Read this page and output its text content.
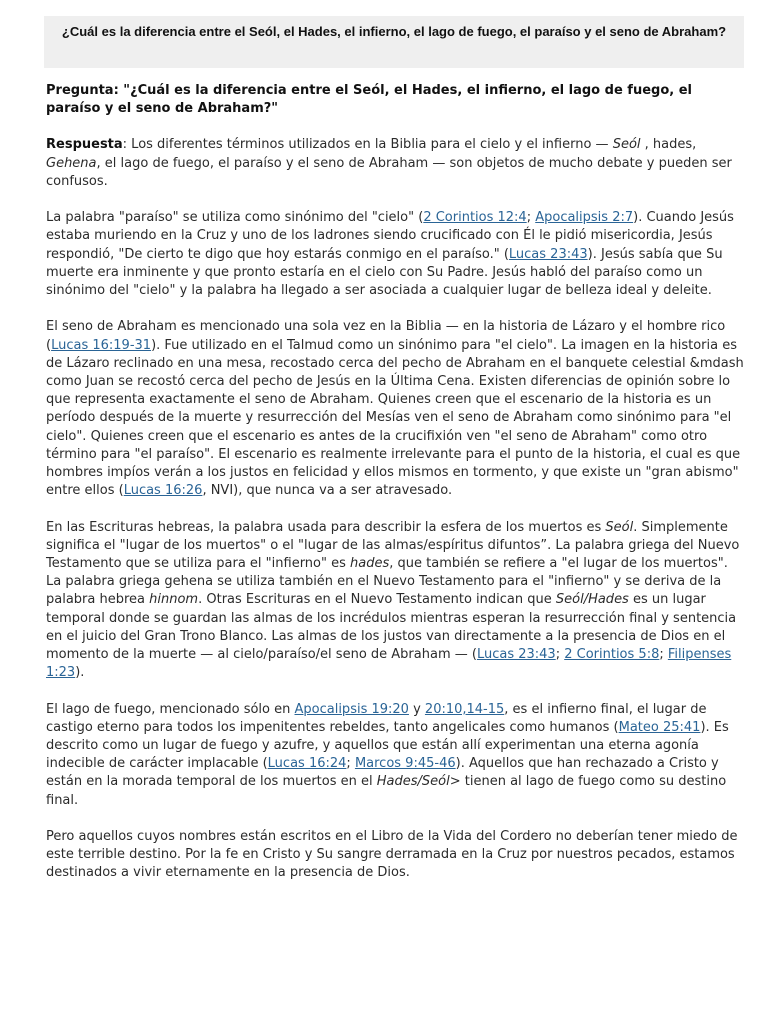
¿Cuál es la diferencia entre el Seól, el Hades, el infierno, el lago de fuego, el paraíso y el seno de Abraham?

Pregunta: "¿Cuál es la diferencia entre el Seól, el Hades, el infierno, el lago de fuego, el paraíso y el seno de Abraham?"

Respuesta: Los diferentes términos utilizados en la Biblia para el cielo y el infierno — Seól , hades, Gehena, el lago de fuego, el paraíso y el seno de Abraham — son objetos de mucho debate y pueden ser confusos.

La palabra "paraíso" se utiliza como sinónimo del "cielo" (2 Corintios 12:4; Apocalipsis 2:7). Cuando Jesús estaba muriendo en la Cruz y uno de los ladrones siendo crucificado con Él le pidió misericordia, Jesús respondió, "De cierto te digo que hoy estarás conmigo en el paraíso." (Lucas 23:43). Jesús sabía que Su muerte era inminente y que pronto estaría en el cielo con Su Padre. Jesús habló del paraíso como un sinónimo del "cielo" y la palabra ha llegado a ser asociada a cualquier lugar de belleza ideal y deleite.

El seno de Abraham es mencionado una sola vez en la Biblia — en la historia de Lázaro y el hombre rico (Lucas 16:19-31). Fue utilizado en el Talmud como un sinónimo para "el cielo". La imagen en la historia es de Lázaro reclinado en una mesa, recostado cerca del pecho de Abraham en el banquete celestial &mdash como Juan se recostó cerca del pecho de Jesús en la Última Cena. Existen diferencias de opinión sobre lo que representa exactamente el seno de Abraham. Quienes creen que el escenario de la historia es un período después de la muerte y resurrección del Mesías ven el seno de Abraham como sinónimo para "el cielo". Quienes creen que el escenario es antes de la crucifixión ven "el seno de Abraham" como otro término para "el paraíso". El escenario es realmente irrelevante para el punto de la historia, el cual es que hombres impíos verán a los justos en felicidad y ellos mismos en tormento, y que existe un "gran abismo" entre ellos (Lucas 16:26, NVI), que nunca va a ser atravesado.

En las Escrituras hebreas, la palabra usada para describir la esfera de los muertos es Seól. Simplemente significa el "lugar de los muertos" o el "lugar de las almas/espíritus difuntos”. La palabra griega del Nuevo Testamento que se utiliza para el "infierno" es hades, que también se refiere a "el lugar de los muertos". La palabra griega gehena se utiliza también en el Nuevo Testamento para el "infierno" y se deriva de la palabra hebrea hinnom. Otras Escrituras en el Nuevo Testamento indican que Seól/Hades es un lugar temporal donde se guardan las almas de los incrédulos mientras esperan la resurrección final y sentencia en el juicio del Gran Trono Blanco. Las almas de los justos van directamente a la presencia de Dios en el momento de la muerte — al cielo/paraíso/el seno de Abraham — (Lucas 23:43; 2 Corintios 5:8; Filipenses 1:23).

El lago de fuego, mencionado sólo en Apocalipsis 19:20 y 20:10,14-15, es el infierno final, el lugar de castigo eterno para todos los impenitentes rebeldes, tanto angelicales como humanos (Mateo 25:41). Es descrito como un lugar de fuego y azufre, y aquellos que están allí experimentan una eterna agonía indecible de carácter implacable (Lucas 16:24; Marcos 9:45-46). Aquellos que han rechazado a Cristo y están en la morada temporal de los muertos en el Hades/Seól> tienen al lago de fuego como su destino final.

Pero aquellos cuyos nombres están escritos en el Libro de la Vida del Cordero no deberían tener miedo de este terrible destino. Por la fe en Cristo y Su sangre derramada en la Cruz por nuestros pecados, estamos destinados a vivir eternamente en la presencia de Dios.
